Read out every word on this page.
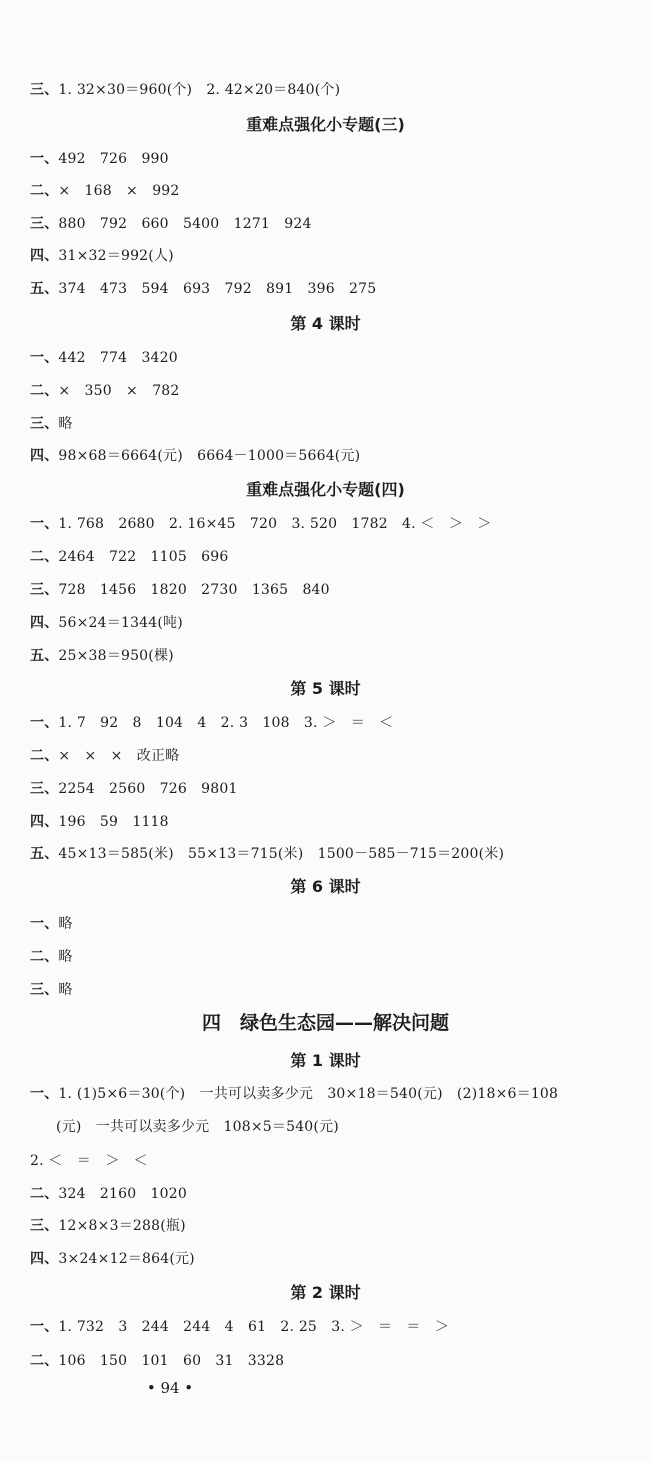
三、1. 32×30＝960(个)　2. 42×20＝840(个)
重难点强化小专题(三)
一、492　726　990
二、×　168　×　992
三、880　792　660　5400　1271　924
四、31×32＝992(人)
五、374　473　594　693　792　891　396　275
第 4 课时
一、442　774　3420
二、×　350　×　782
三、略
四、98×68＝6664(元)　6664－1000＝5664(元)
重难点强化小专题(四)
一、1. 768　2680　2. 16×45　720　3. 520　1782　4. ＜　＞　＞
二、2464　722　1105　696
三、728　1456　1820　2730　1365　840
四、56×24＝1344(吨)
五、25×38＝950(棵)
第 5 课时
一、1. 7　92　8　104　4　2. 3　108　3. ＞　＝　＜
二、×　×　×　改正略
三、2254　2560　726　9801
四、196　59　1118
五、45×13＝585(米)　55×13＝715(米)　1500－585－715＝200(米)
第 6 课时
一、略
二、略
三、略
四　绿色生态园——解决问题
第 1 课时
一、1. (1)5×6＝30(个)　一共可以卖多少元　30×18＝540(元)　(2)18×6＝108
(元)　一共可以卖多少元　108×5＝540(元)
2. ＜　＝　＞　＜
二、324　2160　1020
三、12×8×3＝288(瓶)
四、3×24×12＝864(元)
第 2 课时
一、1. 732　3　244　244　4　61　2. 25　3. ＞　＝　＝　＞
二、106　150　101　60　31　3328
• 94 •
